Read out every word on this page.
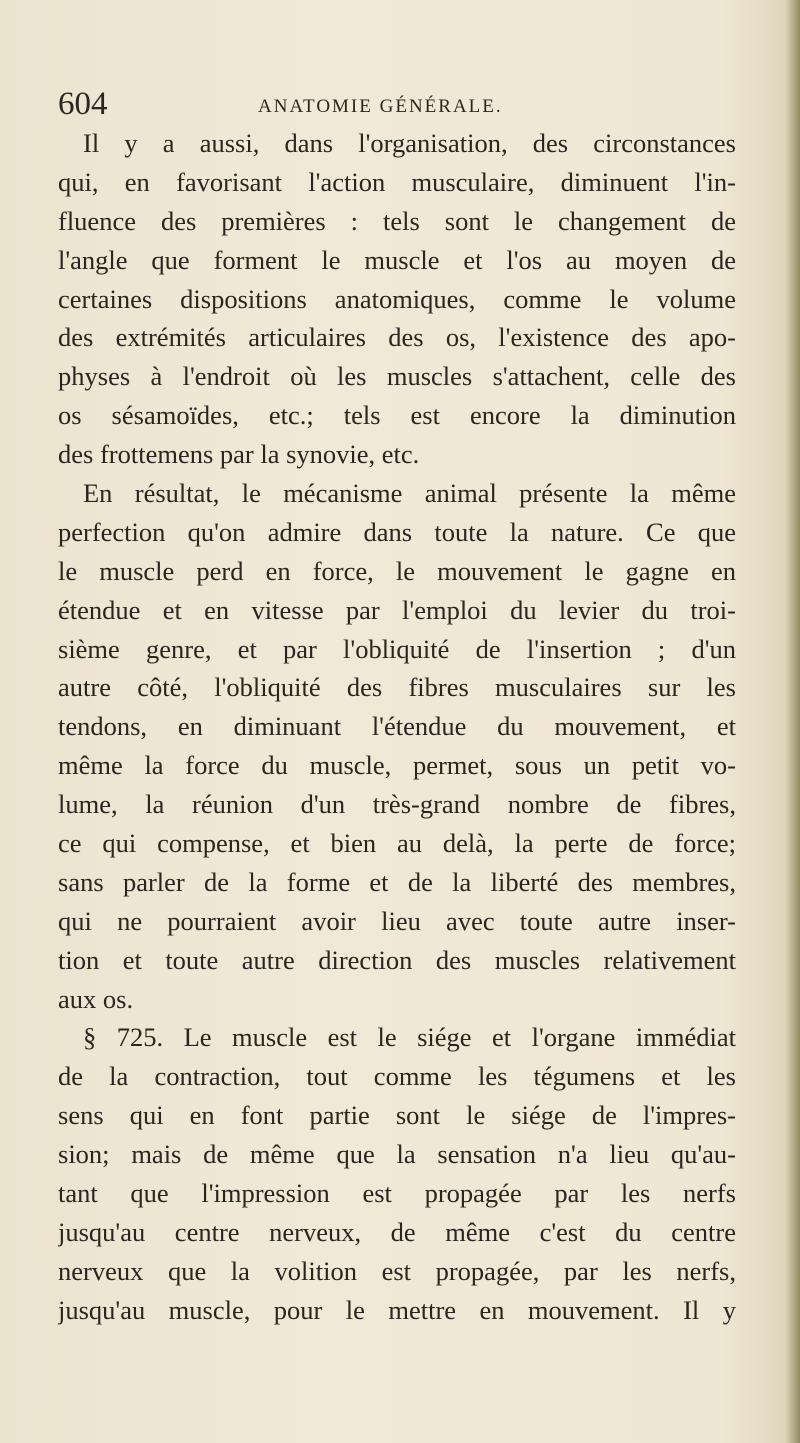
604	ANATOMIE GÉNÉRALE.
Il y a aussi, dans l'organisation, des circonstances
qui, en favorisant l'action musculaire, diminuent l'in-
fluence des premières : tels sont le changement de
l'angle que forment le muscle et l'os au moyen de
certaines dispositions anatomiques, comme le volume
des extrémités articulaires des os, l'existence des apo-
physes à l'endroit où les muscles s'attachent, celle des
os sésamoïdes, etc.; tels est encore la diminution
des frottemens par la synovie, etc.
En résultat, le mécanisme animal présente la même
perfection qu'on admire dans toute la nature. Ce que
le muscle perd en force, le mouvement le gagne en
étendue et en vitesse par l'emploi du levier du troi-
sième genre, et par l'obliquité de l'insertion ; d'un
autre côté, l'obliquité des fibres musculaires sur les
tendons, en diminuant l'étendue du mouvement, et
même la force du muscle, permet, sous un petit vo-
lume, la réunion d'un très-grand nombre de fibres,
ce qui compense, et bien au delà, la perte de force;
sans parler de la forme et de la liberté des membres,
qui ne pourraient avoir lieu avec toute autre inser-
tion et toute autre direction des muscles relativement
aux os.
§ 725. Le muscle est le siége et l'organe immédiat
de la contraction, tout comme les tégumens et les
sens qui en font partie sont le siége de l'impres-
sion; mais de même que la sensation n'a lieu qu'au-
tant que l'impression est propagée par les nerfs
jusqu'au centre nerveux, de même c'est du centre
nerveux que la volition est propagée, par les nerfs,
jusqu'au muscle, pour le mettre en mouvement. Il y
